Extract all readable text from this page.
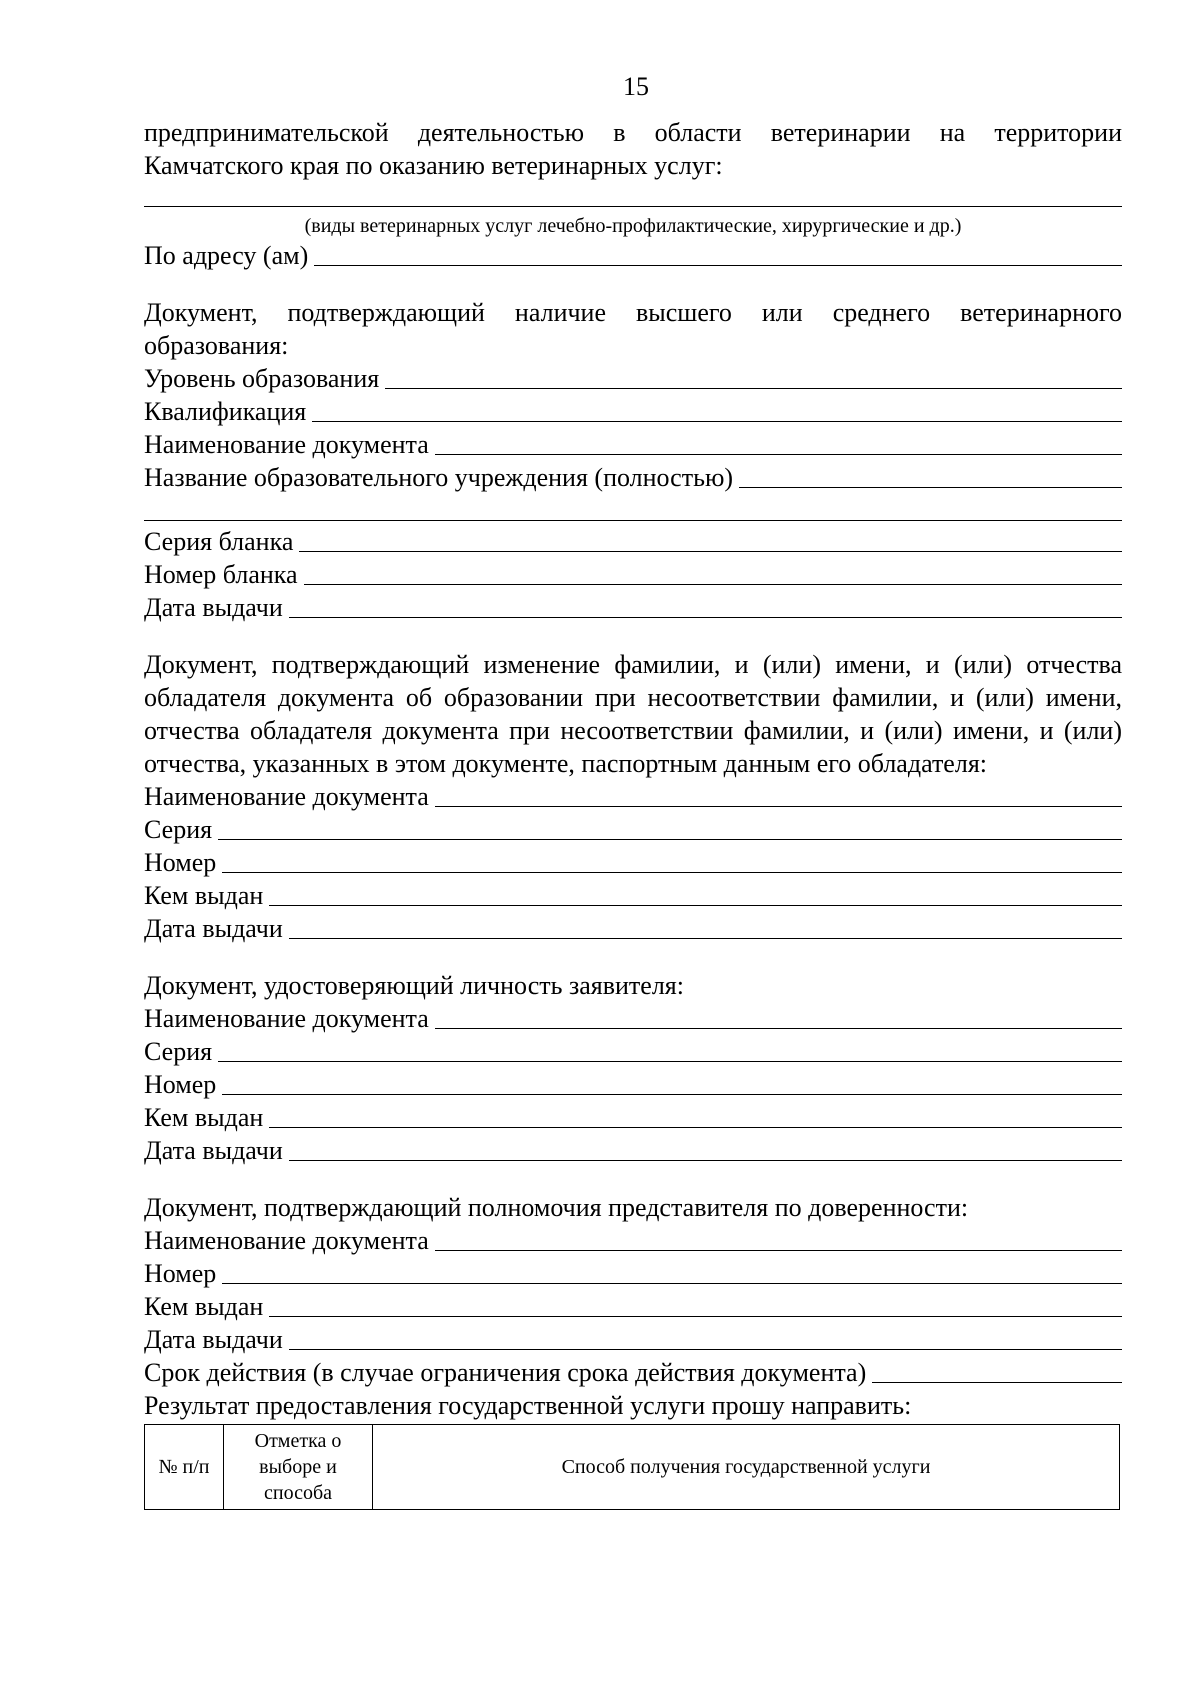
15
предпринимательской деятельностью в области ветеринарии на территории Камчатского края по оказанию ветеринарных услуг:
(виды ветеринарных услуг лечебно-профилактические, хирургические и др.)
По адресу (ам)
Документ, подтверждающий наличие высшего или среднего ветеринарного образования:
Уровень образования
Квалификация
Наименование документа
Название образовательного учреждения (полностью)
Серия бланка
Номер бланка
Дата выдачи
Документ, подтверждающий изменение фамилии, и (или) имени, и (или) отчества обладателя документа об образовании при несоответствии фамилии, и (или) имени, отчества обладателя документа при несоответствии фамилии, и (или) имени, и (или) отчества, указанных в этом документе, паспортным данным его обладателя:
Наименование документа
Серия
Номер
Кем выдан
Дата выдачи
Документ, удостоверяющий личность заявителя:
Наименование документа
Серия
Номер
Кем выдан
Дата выдачи
Документ, подтверждающий полномочия представителя по доверенности:
Наименование документа
Номер
Кем выдан
Дата выдачи
Срок действия (в случае ограничения срока действия документа)
Результат предоставления государственной услуги прошу направить:
№ п/п	Отметка о выборе и способа	Способ получения государственной услуги
